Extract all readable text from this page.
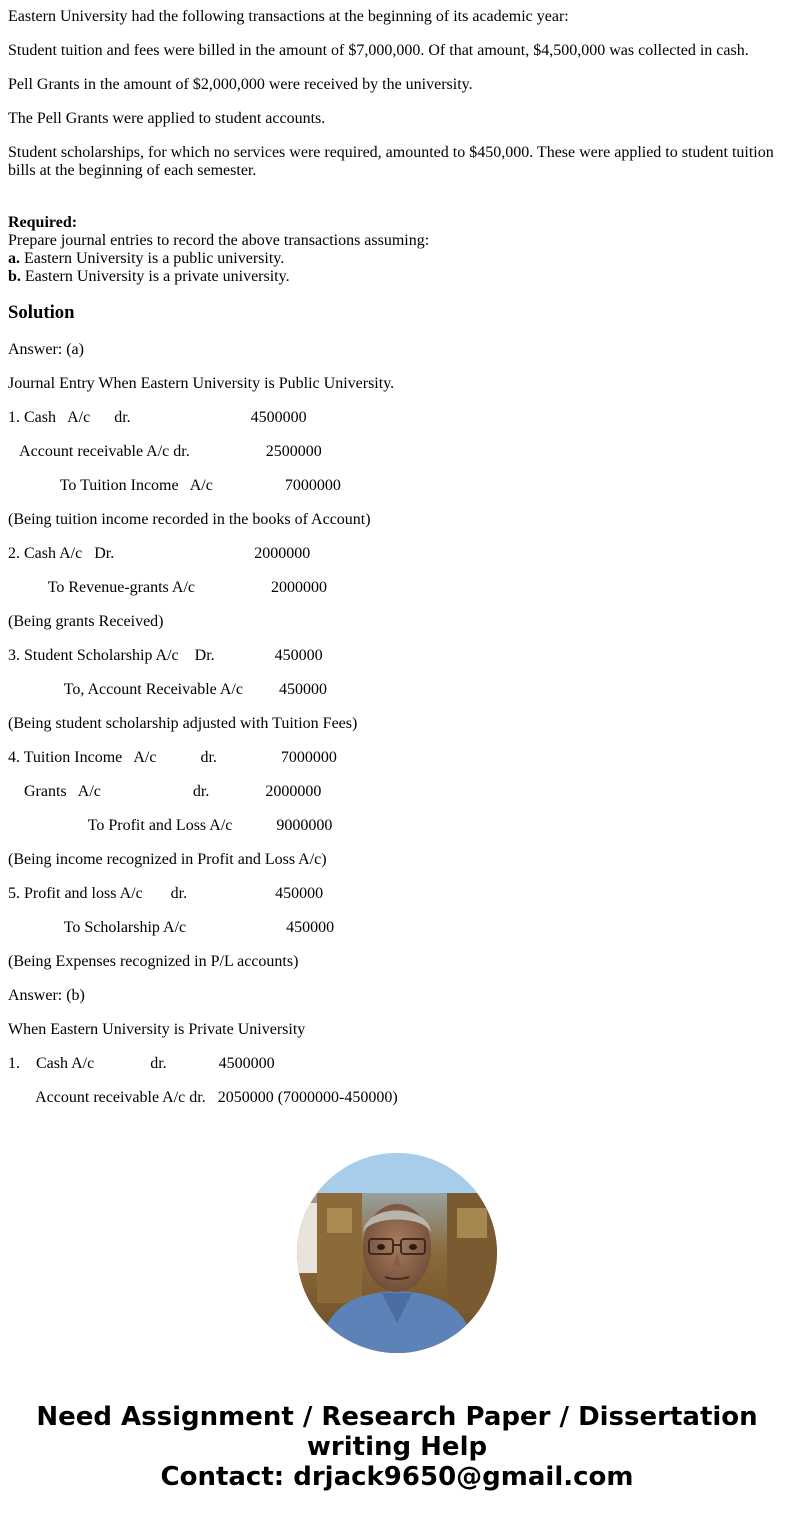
Eastern University had the following transactions at the beginning of its academic year:

Student tuition and fees were billed in the amount of $7,000,000. Of that amount, $4,500,000 was collected in cash.

Pell Grants in the amount of $2,000,000 were received by the university.

The Pell Grants were applied to student accounts.

Student scholarships, for which no services were required, amounted to $450,000. These were applied to student tuition bills at the beginning of each semester.

Required:
Prepare journal entries to record the above transactions assuming:
a. Eastern University is a public university.
b. Eastern University is a private university.
Solution

Answer: (a)

Journal Entry When Eastern University is Public University.

1. Cash   A/c      dr.                              4500000

Account receivable A/c dr.                   2500000

To Tuition Income   A/c                  7000000

(Being tuition income recorded in the books of Account)

2. Cash A/c   Dr.                                   2000000

To Revenue-grants A/c                   2000000

(Being grants Received)

3. Student Scholarship A/c    Dr.               450000

To, Account Receivable A/c         450000

(Being student scholarship adjusted with Tuition Fees)

4. Tuition Income   A/c           dr.                7000000

Grants   A/c                       dr.              2000000

To Profit and Loss A/c           9000000

(Being income recognized in Profit and Loss A/c)

5. Profit and loss A/c       dr.                      450000

To Scholarship A/c                         450000

(Being Expenses recognized in P/L accounts)

Answer: (b)

When Eastern University is Private University

1.    Cash A/c              dr.             4500000

Account receivable A/c dr.   2050000 (7000000-450000)

Need Assignment / Research Paper / Dissertation
writing Help
Contact: drjack9650@gmail.com
